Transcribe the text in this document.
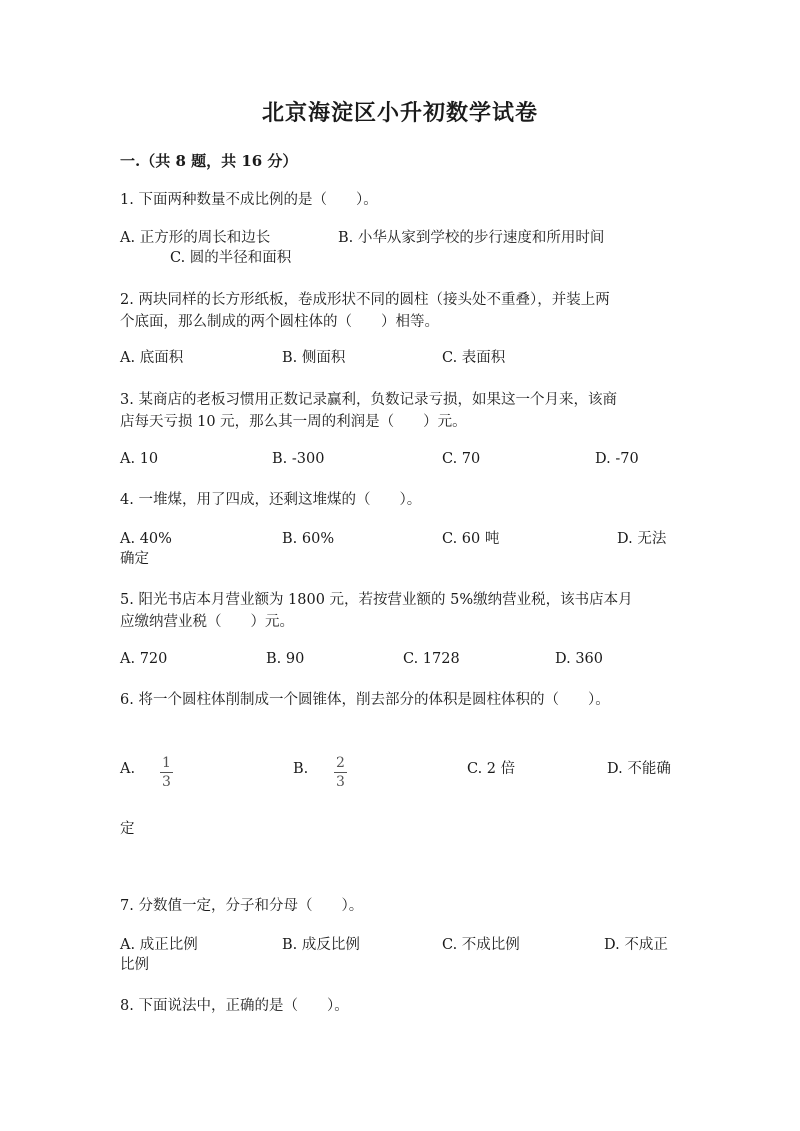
北京海淀区小升初数学试卷
一.（共 8 题，共 16 分）
1. 下面两种数量不成比例的是（　　）。
A. 正方形的周长和边长	B. 小华从家到学校的步行速度和所用时间
C. 圆的半径和面积
2. 两块同样的长方形纸板，卷成形状不同的圆柱（接头处不重叠），并装上两
个底面，那么制成的两个圆柱体的（　　）相等。
A. 底面积	B. 侧面积	C. 表面积
3. 某商店的老板习惯用正数记录赢利，负数记录亏损，如果这一个月来，该商
店每天亏损 10 元，那么其一周的利润是（　　）元。
A. 10	B. -300	C. 70	D. -70
4. 一堆煤，用了四成，还剩这堆煤的（　　）。
A. 40%	B. 60%	C. 60 吨	D. 无法
确定
5. 阳光书店本月营业额为 1800 元，若按营业额的 5%缴纳营业税，该书店本月
应缴纳营业税（　　）元。
A. 720	B. 90	C. 1728	D. 360
6. 将一个圆柱体削制成一个圆锥体，削去部分的体积是圆柱体积的（　　）。
A. $\frac{1}{3}$	B. $\frac{2}{3}$	C. 2 倍	D. 不能确
定
7. 分数值一定，分子和分母（　　）。
A. 成正比例	B. 成反比例	C. 不成比例	D. 不成正
比例
8. 下面说法中，正确的是（　　）。
